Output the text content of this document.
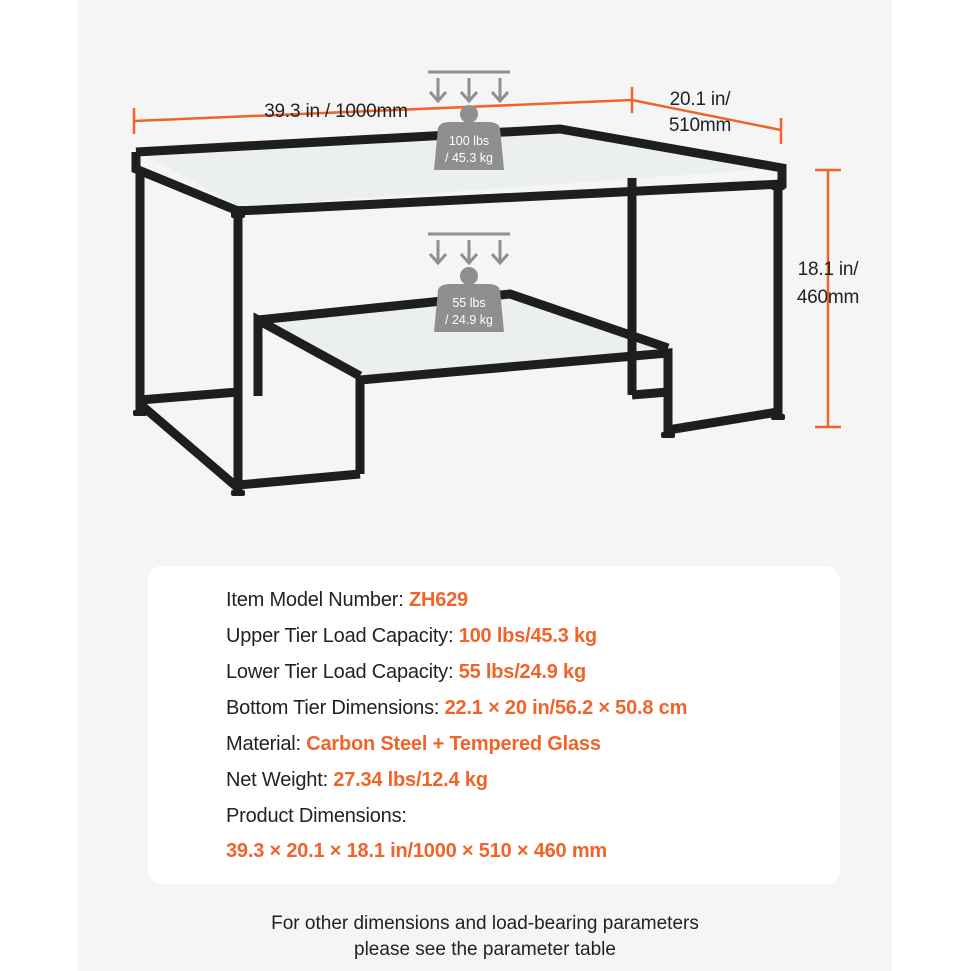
39.3 in / 1000mm
20.1 in/
510mm
18.1 in/
460mm
100 lbs
/ 45.3 kg
55 lbs
/ 24.9 kg
Item Model Number: ZH629
Upper Tier Load Capacity: 100 lbs/45.3 kg
Lower Tier Load Capacity: 55 lbs/24.9 kg
Bottom Tier Dimensions: 22.1 × 20 in/56.2 × 50.8 cm
Material: Carbon Steel + Tempered Glass
Net Weight: 27.34 lbs/12.4 kg
Product Dimensions:
39.3 × 20.1 × 18.1 in/1000 × 510 × 460 mm
For other dimensions and load-bearing parameters
please see the parameter table
